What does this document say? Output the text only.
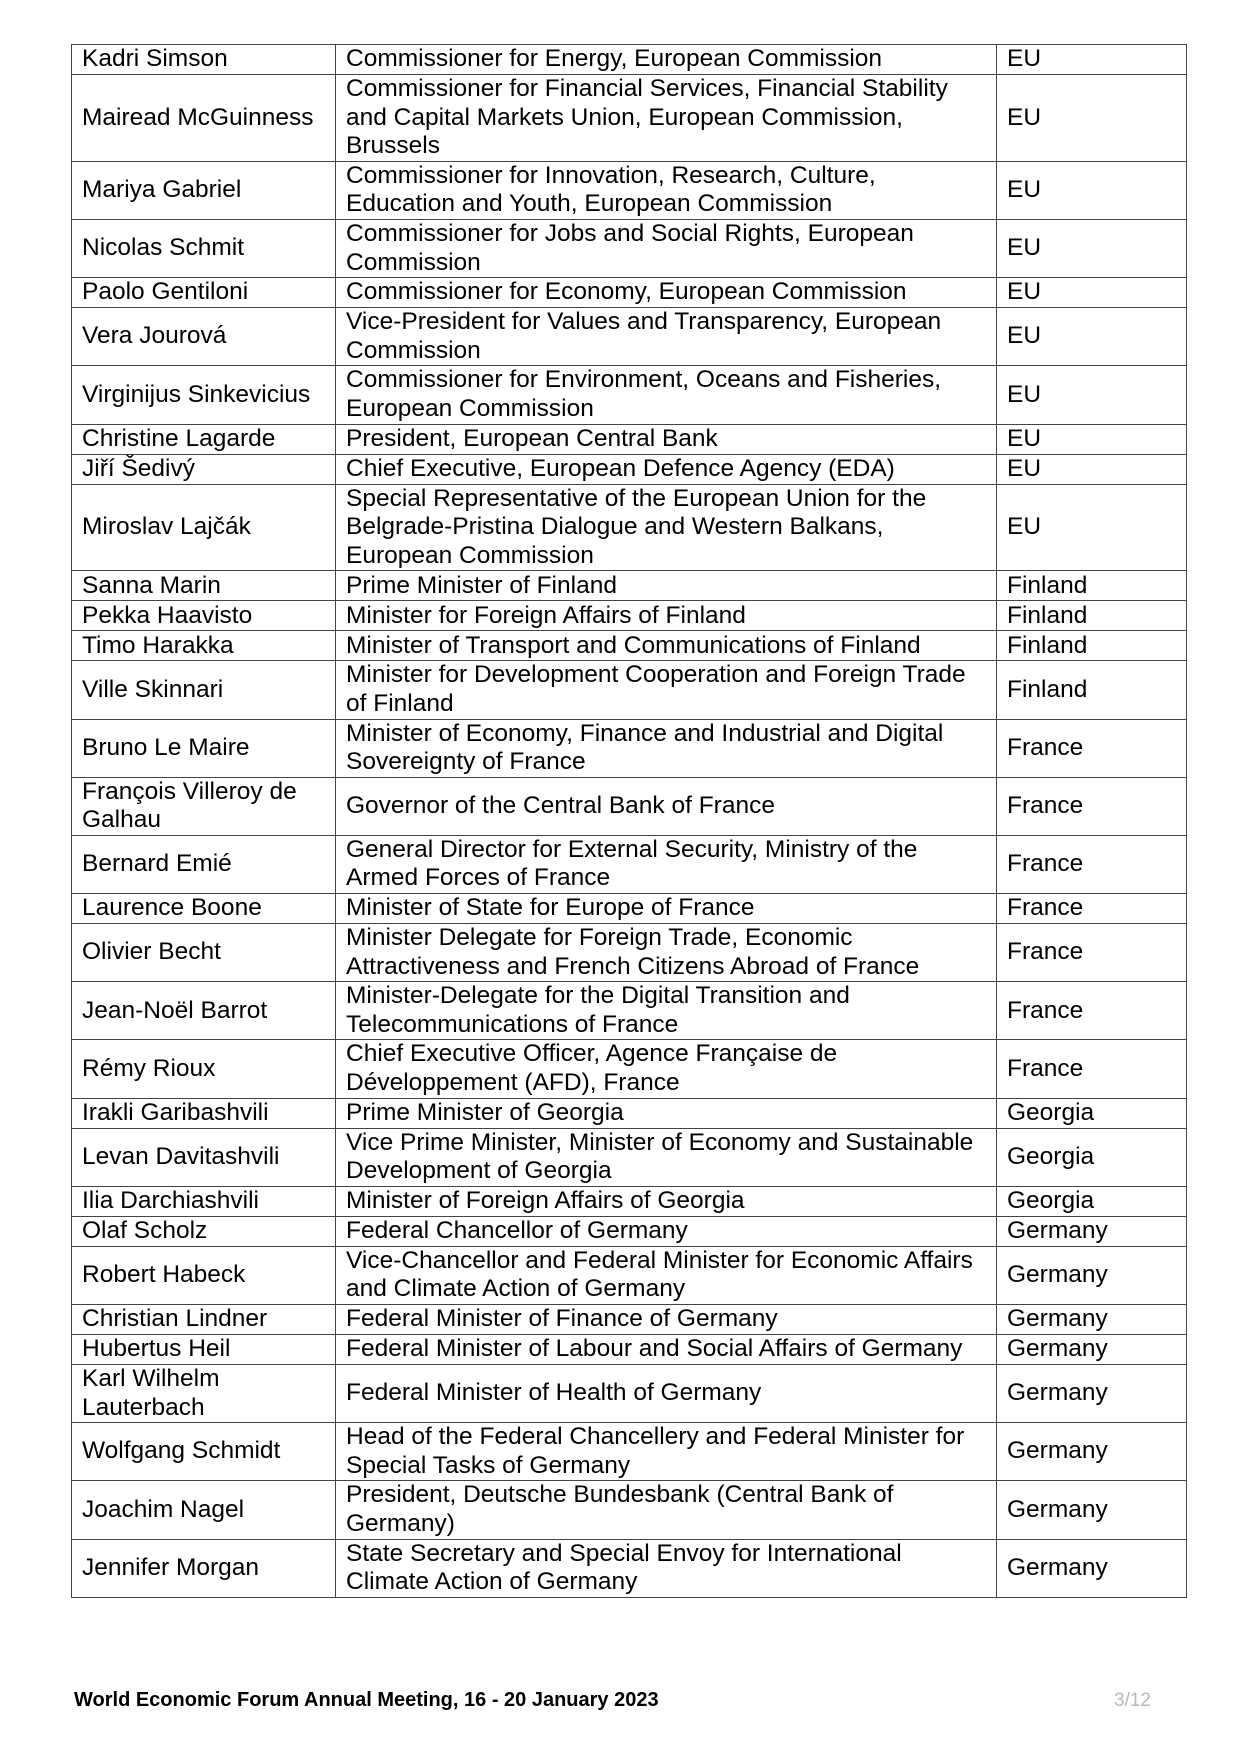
Kadri Simson	Commissioner for Energy, European Commission	EU
Mairead McGuinness	Commissioner for Financial Services, Financial Stability and Capital Markets Union, European Commission, Brussels	EU
Mariya Gabriel	Commissioner for Innovation, Research, Culture, Education and Youth, European Commission	EU
Nicolas Schmit	Commissioner for Jobs and Social Rights, European Commission	EU
Paolo Gentiloni	Commissioner for Economy, European Commission	EU
Vera Jourová	Vice-President for Values and Transparency, European Commission	EU
Virginijus Sinkevicius	Commissioner for Environment, Oceans and Fisheries, European Commission	EU
Christine Lagarde	President, European Central Bank	EU
Jiří Šedivý	Chief Executive, European Defence Agency (EDA)	EU
Miroslav Lajčák	Special Representative of the European Union for the Belgrade-Pristina Dialogue and Western Balkans, European Commission	EU
Sanna Marin	Prime Minister of Finland	Finland
Pekka Haavisto	Minister for Foreign Affairs of Finland	Finland
Timo Harakka	Minister of Transport and Communications of Finland	Finland
Ville Skinnari	Minister for Development Cooperation and Foreign Trade of Finland	Finland
Bruno Le Maire	Minister of Economy, Finance and Industrial and Digital Sovereignty of France	France
François Villeroy de Galhau	Governor of the Central Bank of France	France
Bernard Emié	General Director for External Security, Ministry of the Armed Forces of France	France
Laurence Boone	Minister of State for Europe of France	France
Olivier Becht	Minister Delegate for Foreign Trade, Economic Attractiveness and French Citizens Abroad of France	France
Jean-Noël Barrot	Minister-Delegate for the Digital Transition and Telecommunications of France	France
Rémy Rioux	Chief Executive Officer, Agence Française de Développement (AFD), France	France
Irakli Garibashvili	Prime Minister of Georgia	Georgia
Levan Davitashvili	Vice Prime Minister, Minister of Economy and Sustainable Development of Georgia	Georgia
Ilia Darchiashvili	Minister of Foreign Affairs of Georgia	Georgia
Olaf Scholz	Federal Chancellor of Germany	Germany
Robert Habeck	Vice-Chancellor and Federal Minister for Economic Affairs and Climate Action of Germany	Germany
Christian Lindner	Federal Minister of Finance of Germany	Germany
Hubertus Heil	Federal Minister of Labour and Social Affairs of Germany	Germany
Karl Wilhelm Lauterbach	Federal Minister of Health of Germany	Germany
Wolfgang Schmidt	Head of the Federal Chancellery and Federal Minister for Special Tasks of Germany	Germany
Joachim Nagel	President, Deutsche Bundesbank (Central Bank of Germany)	Germany
Jennifer Morgan	State Secretary and Special Envoy for International Climate Action of Germany	Germany
World Economic Forum Annual Meeting, 16 - 20 January 2023	3/12
